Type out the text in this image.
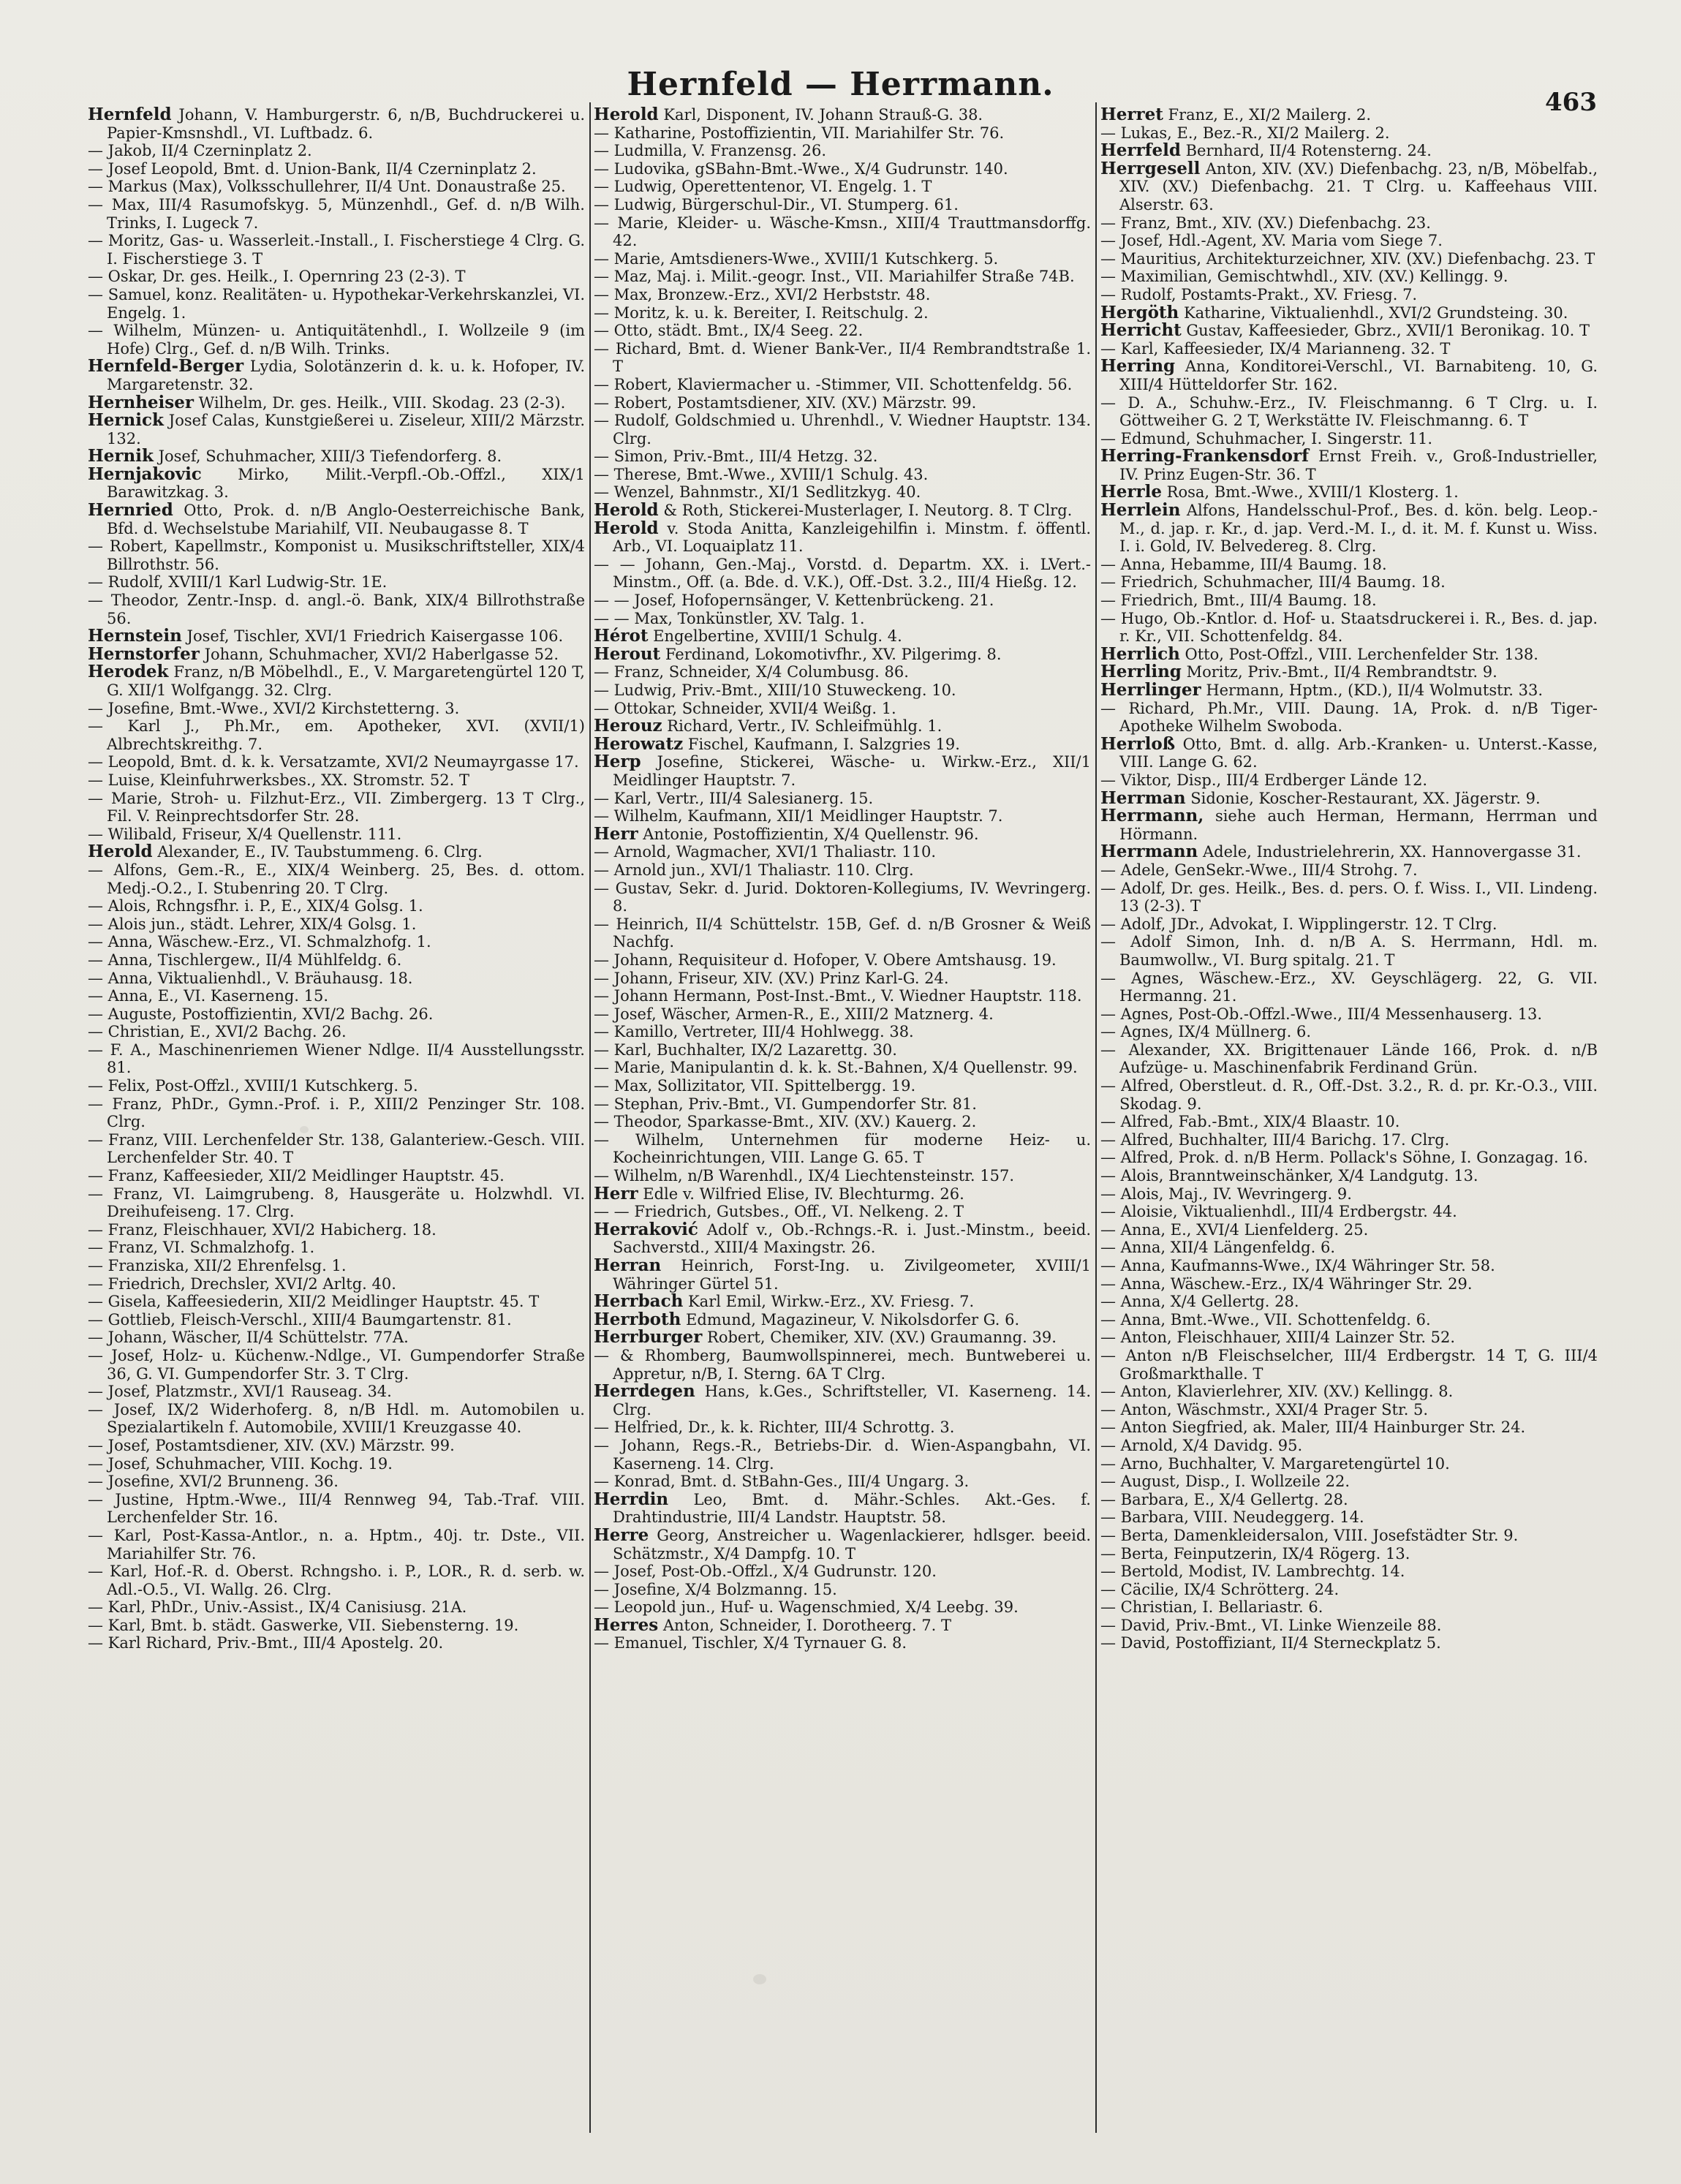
Hernfeld — Herrmann.	463

Hernfeld Johann, V. Hamburgerstr. 6, n/B, Buchdruckerei u. Papier-Kmsnshdl., VI. Luftbadz. 6.

— Jakob, II/4 Czerninplatz 2.

— Josef Leopold, Bmt. d. Union-Bank, II/4 Czerninplatz 2.

— Markus (Max), Volksschullehrer, II/4 Unt. Donaustraße 25.

— Max, III/4 Rasumofskyg. 5, Münzenhdl., Gef. d. n/B Wilh. Trinks, I. Lugeck 7.

— Moritz, Gas- u. Wasserleit.-Install., I. Fischerstiege 4 Clrg. G. I. Fischerstiege 3. T

— Oskar, Dr. ges. Heilk., I. Opernring 23 (2-3). T

— Samuel, konz. Realitäten- u. Hypothekar-Verkehrskanzlei, VI. Engelg. 1.

— Wilhelm, Münzen- u. Antiquitätenhdl., I. Wollzeile 9 (im Hofe) Clrg., Gef. d. n/B Wilh. Trinks.

Hernfeld-Berger Lydia, Solotänzerin d. k. u. k. Hofoper, IV. Margaretenstr. 32.

Hernheiser Wilhelm, Dr. ges. Heilk., VIII. Skodag. 23 (2-3).

Hernick Josef Calas, Kunstgießerei u. Ziseleur, XIII/2 Märzstr. 132.

Hernik Josef, Schuhmacher, XIII/3 Tiefendorferg. 8.

Hernjakovic Mirko, Milit.-Verpfl.-Ob.-Offzl., XIX/1 Barawitzkag. 3.

Hernried Otto, Prok. d. n/B Anglo-Oesterreichische Bank, Bfd. d. Wechselstube Mariahilf, VII. Neubaugasse 8. T

— Robert, Kapellmstr., Komponist u. Musikschriftsteller, XIX/4 Billrothstr. 56.

— Rudolf, XVIII/1 Karl Ludwig-Str. 1E.

— Theodor, Zentr.-Insp. d. angl.-ö. Bank, XIX/4 Billrothstraße 56.

Hernstein Josef, Tischler, XVI/1 Friedrich Kaisergasse 106.

Hernstorfer Johann, Schuhmacher, XVI/2 Haberlgasse 52.

Herodek Franz, n/B Möbelhdl., E., V. Margaretengürtel 120 T, G. XII/1 Wolfgangg. 32. Clrg.

— Josefine, Bmt.-Wwe., XVI/2 Kirchstetterng. 3.

— Karl J., Ph.Mr., em. Apotheker, XVI. (XVII/1) Albrechtskreithg. 7.

— Leopold, Bmt. d. k. k. Versatzamte, XVI/2 Neumayrgasse 17.

— Luise, Kleinfuhrwerksbes., XX. Stromstr. 52. T

— Marie, Stroh- u. Filzhut-Erz., VII. Zimbergerg. 13 T Clrg., Fil. V. Reinprechtsdorfer Str. 28.

— Wilibald, Friseur, X/4 Quellenstr. 111.

Herold Alexander, E., IV. Taubstummeng. 6. Clrg.

— Alfons, Gem.-R., E., XIX/4 Weinberg. 25, Bes. d. ottom. Medj.-O.2., I. Stubenring 20. T Clrg.

— Alois, Rchngsfhr. i. P., E., XIX/4 Golsg. 1.

— Alois jun., städt. Lehrer, XIX/4 Golsg. 1.

— Anna, Wäschew.-Erz., VI. Schmalzhofg. 1.

— Anna, Tischlergew., II/4 Mühlfeldg. 6.

— Anna, Viktualienhdl., V. Bräuhausg. 18.

— Anna, E., VI. Kaserneng. 15.

— Auguste, Postoffizientin, XVI/2 Bachg. 26.

— Christian, E., XVI/2 Bachg. 26.

— F. A., Maschinenriemen Wiener Ndlge. II/4 Ausstellungsstr. 81.

— Felix, Post-Offzl., XVIII/1 Kutschkerg. 5.

— Franz, PhDr., Gymn.-Prof. i. P., XIII/2 Penzinger Str. 108. Clrg.

— Franz, VIII. Lerchenfelder Str. 138, Galanteriew.-Gesch. VIII. Lerchenfelder Str. 40. T

— Franz, Kaffeesieder, XII/2 Meidlinger Hauptstr. 45.

— Franz, VI. Laimgrubeng. 8, Hausgeräte u. Holzwhdl. VI. Dreihufeiseng. 17. Clrg.

— Franz, Fleischhauer, XVI/2 Habicherg. 18.

— Franz, VI. Schmalzhofg. 1.

— Franziska, XII/2 Ehrenfelsg. 1.

— Friedrich, Drechsler, XVI/2 Arltg. 40.

— Gisela, Kaffeesiederin, XII/2 Meidlinger Hauptstr. 45. T

— Gottlieb, Fleisch-Verschl., XIII/4 Baumgartenstr. 81.

— Johann, Wäscher, II/4 Schüttelstr. 77A.

— Josef, Holz- u. Küchenw.-Ndlge., VI. Gumpendorfer Straße 36, G. VI. Gumpendorfer Str. 3. T Clrg.

— Josef, Platzmstr., XVI/1 Rauseag. 34.

— Josef, IX/2 Widerhoferg. 8, n/B Hdl. m. Automobilen u. Spezialartikeln f. Automobile, XVIII/1 Kreuzgasse 40.

— Josef, Postamtsdiener, XIV. (XV.) Märzstr. 99.

— Josef, Schuhmacher, VIII. Kochg. 19.

— Josefine, XVI/2 Brunneng. 36.

— Justine, Hptm.-Wwe., III/4 Rennweg 94, Tab.-Traf. VIII. Lerchenfelder Str. 16.

— Karl, Post-Kassa-Antlor., n. a. Hptm., 40j. tr. Dste., VII. Mariahilfer Str. 76.

— Karl, Hof.-R. d. Oberst. Rchngsho. i. P., LOR., R. d. serb. w. Adl.-O.5., VI. Wallg. 26. Clrg.

— Karl, PhDr., Univ.-Assist., IX/4 Canisiusg. 21A.

— Karl, Bmt. b. städt. Gaswerke, VII. Siebensterng. 19.

— Karl Richard, Priv.-Bmt., III/4 Apostelg. 20.

Herold Karl, Disponent, IV. Johann Strauß-G. 38.

— Katharine, Postoffizientin, VII. Mariahilfer Str. 76.

— Ludmilla, V. Franzensg. 26.

— Ludovika, gSBahn-Bmt.-Wwe., X/4 Gudrunstr. 140.

— Ludwig, Operettentenor, VI. Engelg. 1. T

— Ludwig, Bürgerschul-Dir., VI. Stumperg. 61.

— Marie, Kleider- u. Wäsche-Kmsn., XIII/4 Trauttmansdorffg. 42.

— Marie, Amtsdieners-Wwe., XVIII/1 Kutschkerg. 5.

— Maz, Maj. i. Milit.-geogr. Inst., VII. Mariahilfer Straße 74B.

— Max, Bronzew.-Erz., XVI/2 Herbststr. 48.

— Moritz, k. u. k. Bereiter, I. Reitschulg. 2.

— Otto, städt. Bmt., IX/4 Seeg. 22.

— Richard, Bmt. d. Wiener Bank-Ver., II/4 Rembrandtstraße 1. T

— Robert, Klaviermacher u. -Stimmer, VII. Schottenfeldg. 56.

— Robert, Postamtsdiener, XIV. (XV.) Märzstr. 99.

— Rudolf, Goldschmied u. Uhrenhdl., V. Wiedner Hauptstr. 134. Clrg.

— Simon, Priv.-Bmt., III/4 Hetzg. 32.

— Therese, Bmt.-Wwe., XVIII/1 Schulg. 43.

— Wenzel, Bahnmstr., XI/1 Sedlitzkyg. 40.

Herold & Roth, Stickerei-Musterlager, I. Neutorg. 8. T Clrg.

Herold v. Stoda Anitta, Kanzleigehilfin i. Minstm. f. öffentl. Arb., VI. Loquaiplatz 11.

— — Johann, Gen.-Maj., Vorstd. d. Departm. XX. i. LVert.-Minstm., Off. (a. Bde. d. V.K.), Off.-Dst. 3.2., III/4 Hießg. 12.

— — Josef, Hofopernsänger, V. Kettenbrückeng. 21.

— — Max, Tonkünstler, XV. Talg. 1.

Hérot Engelbertine, XVIII/1 Schulg. 4.

Herout Ferdinand, Lokomotivfhr., XV. Pilgerimg. 8.

— Franz, Schneider, X/4 Columbusg. 86.

— Ludwig, Priv.-Bmt., XIII/10 Stuweckeng. 10.

— Ottokar, Schneider, XVII/4 Weißg. 1.

Herouz Richard, Vertr., IV. Schleifmühlg. 1.

Herowatz Fischel, Kaufmann, I. Salzgries 19.

Herp Josefine, Stickerei, Wäsche- u. Wirkw.-Erz., XII/1 Meidlinger Hauptstr. 7.

— Karl, Vertr., III/4 Salesianerg. 15.

— Wilhelm, Kaufmann, XII/1 Meidlinger Hauptstr. 7.

Herr Antonie, Postoffizientin, X/4 Quellenstr. 96.

— Arnold, Wagmacher, XVI/1 Thaliastr. 110.

— Arnold jun., XVI/1 Thaliastr. 110. Clrg.

— Gustav, Sekr. d. Jurid. Doktoren-Kollegiums, IV. Wevringerg. 8.

— Heinrich, II/4 Schüttelstr. 15B, Gef. d. n/B Grosner & Weiß Nachfg.

— Johann, Requisiteur d. Hofoper, V. Obere Amtshausg. 19.

— Johann, Friseur, XIV. (XV.) Prinz Karl-G. 24.

— Johann Hermann, Post-Inst.-Bmt., V. Wiedner Hauptstr. 118.

— Josef, Wäscher, Armen-R., E., XIII/2 Matznerg. 4.

— Kamillo, Vertreter, III/4 Hohlwegg. 38.

— Karl, Buchhalter, IX/2 Lazarettg. 30.

— Marie, Manipulantin d. k. k. St.-Bahnen, X/4 Quellenstr. 99.

— Max, Sollizitator, VII. Spittelbergg. 19.

— Stephan, Priv.-Bmt., VI. Gumpendorfer Str. 81.

— Theodor, Sparkasse-Bmt., XIV. (XV.) Kauerg. 2.

— Wilhelm, Unternehmen für moderne Heiz- u. Kocheinrichtungen, VIII. Lange G. 65. T

— Wilhelm, n/B Warenhdl., IX/4 Liechtensteinstr. 157.

Herr Edle v. Wilfried Elise, IV. Blechturmg. 26.

— — Friedrich, Gutsbes., Off., VI. Nelkeng. 2. T

Herraković Adolf v., Ob.-Rchngs.-R. i. Just.-Minstm., beeid. Sachverstd., XIII/4 Maxingstr. 26.

Herran Heinrich, Forst-Ing. u. Zivilgeometer, XVIII/1 Währinger Gürtel 51.

Herrbach Karl Emil, Wirkw.-Erz., XV. Friesg. 7.

Herrboth Edmund, Magazineur, V. Nikolsdorfer G. 6.

Herrburger Robert, Chemiker, XIV. (XV.) Graumanng. 39.

— & Rhomberg, Baumwollspinnerei, mech. Buntweberei u. Appretur, n/B, I. Sterng. 6A T Clrg.

Herrdegen Hans, k.Ges., Schriftsteller, VI. Kaserneng. 14. Clrg.

— Helfried, Dr., k. k. Richter, III/4 Schrottg. 3.

— Johann, Regs.-R., Betriebs-Dir. d. Wien-Aspangbahn, VI. Kaserneng. 14. Clrg.

— Konrad, Bmt. d. StBahn-Ges., III/4 Ungarg. 3.

Herrdin Leo, Bmt. d. Mähr.-Schles. Akt.-Ges. f. Drahtindustrie, III/4 Landstr. Hauptstr. 58.

Herre Georg, Anstreicher u. Wagenlackierer, hdlsger. beeid. Schätzmstr., X/4 Dampfg. 10. T

— Josef, Post-Ob.-Offzl., X/4 Gudrunstr. 120.

— Josefine, X/4 Bolzmanng. 15.

— Leopold jun., Huf- u. Wagenschmied, X/4 Leebg. 39.

Herres Anton, Schneider, I. Dorotheerg. 7. T

— Emanuel, Tischler, X/4 Tyrnauer G. 8.

Herret Franz, E., XI/2 Mailerg. 2.

— Lukas, E., Bez.-R., XI/2 Mailerg. 2.

Herrfeld Bernhard, II/4 Rotensterng. 24.

Herrgesell Anton, XIV. (XV.) Diefenbachg. 23, n/B, Möbelfab., XIV. (XV.) Diefenbachg. 21. T Clrg. u. Kaffeehaus VIII. Alserstr. 63.

— Franz, Bmt., XIV. (XV.) Diefenbachg. 23.

— Josef, Hdl.-Agent, XV. Maria vom Siege 7.

— Mauritius, Architekturzeichner, XIV. (XV.) Diefenbachg. 23. T

— Maximilian, Gemischtwhdl., XIV. (XV.) Kellingg. 9.

— Rudolf, Postamts-Prakt., XV. Friesg. 7.

Hergöth Katharine, Viktualienhdl., XVI/2 Grundsteing. 30.

Herricht Gustav, Kaffeesieder, Gbrz., XVII/1 Beronikag. 10. T

— Karl, Kaffeesieder, IX/4 Marianneng. 32. T

Herring Anna, Konditorei-Verschl., VI. Barnabiteng. 10, G. XIII/4 Hütteldorfer Str. 162.

— D. A., Schuhw.-Erz., IV. Fleischmanng. 6 T Clrg. u. I. Göttweiher G. 2 T, Werkstätte IV. Fleischmanng. 6. T

— Edmund, Schuhmacher, I. Singerstr. 11.

Herring-Frankensdorf Ernst Freih. v., Groß-Industrieller, IV. Prinz Eugen-Str. 36. T

Herrle Rosa, Bmt.-Wwe., XVIII/1 Klosterg. 1.

Herrlein Alfons, Handelsschul-Prof., Bes. d. kön. belg. Leop.-M., d. jap. r. Kr., d. jap. Verd.-M. I., d. it. M. f. Kunst u. Wiss. I. i. Gold, IV. Belvedereg. 8. Clrg.

— Anna, Hebamme, III/4 Baumg. 18.

— Friedrich, Schuhmacher, III/4 Baumg. 18.

— Friedrich, Bmt., III/4 Baumg. 18.

— Hugo, Ob.-Kntlor. d. Hof- u. Staatsdruckerei i. R., Bes. d. jap. r. Kr., VII. Schottenfeldg. 84.

Herrlich Otto, Post-Offzl., VIII. Lerchenfelder Str. 138.

Herrling Moritz, Priv.-Bmt., II/4 Rembrandtstr. 9.

Herrlinger Hermann, Hptm., (KD.), II/4 Wolmutstr. 33.

— Richard, Ph.Mr., VIII. Daung. 1A, Prok. d. n/B Tiger-Apotheke Wilhelm Swoboda.

Herrloß Otto, Bmt. d. allg. Arb.-Kranken- u. Unterst.-Kasse, VIII. Lange G. 62.

— Viktor, Disp., III/4 Erdberger Lände 12.

Herrman Sidonie, Koscher-Restaurant, XX. Jägerstr. 9.

Herrmann, siehe auch Herman, Hermann, Herrman und Hörmann.

Herrmann Adele, Industrielehrerin, XX. Hannovergasse 31.

— Adele, GenSekr.-Wwe., III/4 Strohg. 7.

— Adolf, Dr. ges. Heilk., Bes. d. pers. O. f. Wiss. I., VII. Lindeng. 13 (2-3). T

— Adolf, JDr., Advokat, I. Wipplingerstr. 12. T Clrg.

— Adolf Simon, Inh. d. n/B A. S. Herrmann, Hdl. m. Baumwollw., VI. Burg spitalg. 21. T

— Agnes, Wäschew.-Erz., XV. Geyschlägerg. 22, G. VII. Hermanng. 21.

— Agnes, Post-Ob.-Offzl.-Wwe., III/4 Messenhauserg. 13.

— Agnes, IX/4 Müllnerg. 6.

— Alexander, XX. Brigittenauer Lände 166, Prok. d. n/B Aufzüge- u. Maschinenfabrik Ferdinand Grün.

— Alfred, Oberstleut. d. R., Off.-Dst. 3.2., R. d. pr. Kr.-O.3., VIII. Skodag. 9.

— Alfred, Fab.-Bmt., XIX/4 Blaastr. 10.

— Alfred, Buchhalter, III/4 Barichg. 17. Clrg.

— Alfred, Prok. d. n/B Herm. Pollack's Söhne, I. Gonzagag. 16.

— Alois, Branntweinschänker, X/4 Landgutg. 13.

— Alois, Maj., IV. Wevringerg. 9.

— Aloisie, Viktualienhdl., III/4 Erdbergstr. 44.

— Anna, E., XVI/4 Lienfelderg. 25.

— Anna, XII/4 Längenfeldg. 6.

— Anna, Kaufmanns-Wwe., IX/4 Währinger Str. 58.

— Anna, Wäschew.-Erz., IX/4 Währinger Str. 29.

— Anna, X/4 Gellertg. 28.

— Anna, Bmt.-Wwe., VII. Schottenfeldg. 6.

— Anton, Fleischhauer, XIII/4 Lainzer Str. 52.

— Anton n/B Fleischselcher, III/4 Erdbergstr. 14 T, G. III/4 Großmarkthalle. T

— Anton, Klavierlehrer, XIV. (XV.) Kellingg. 8.

— Anton, Wäschmstr., XXI/4 Prager Str. 5.

— Anton Siegfried, ak. Maler, III/4 Hainburger Str. 24.

— Arnold, X/4 Davidg. 95.

— Arno, Buchhalter, V. Margaretengürtel 10.

— August, Disp., I. Wollzeile 22.

— Barbara, E., X/4 Gellertg. 28.

— Barbara, VIII. Neudeggerg. 14.

— Berta, Damenkleidersalon, VIII. Josefstädter Str. 9.

— Berta, Feinputzerin, IX/4 Rögerg. 13.

— Bertold, Modist, IV. Lambrechtg. 14.

— Cäcilie, IX/4 Schrötterg. 24.

— Christian, I. Bellariastr. 6.

— David, Priv.-Bmt., VI. Linke Wienzeile 88.

— David, Postoffiziant, II/4 Sterneckplatz 5.
